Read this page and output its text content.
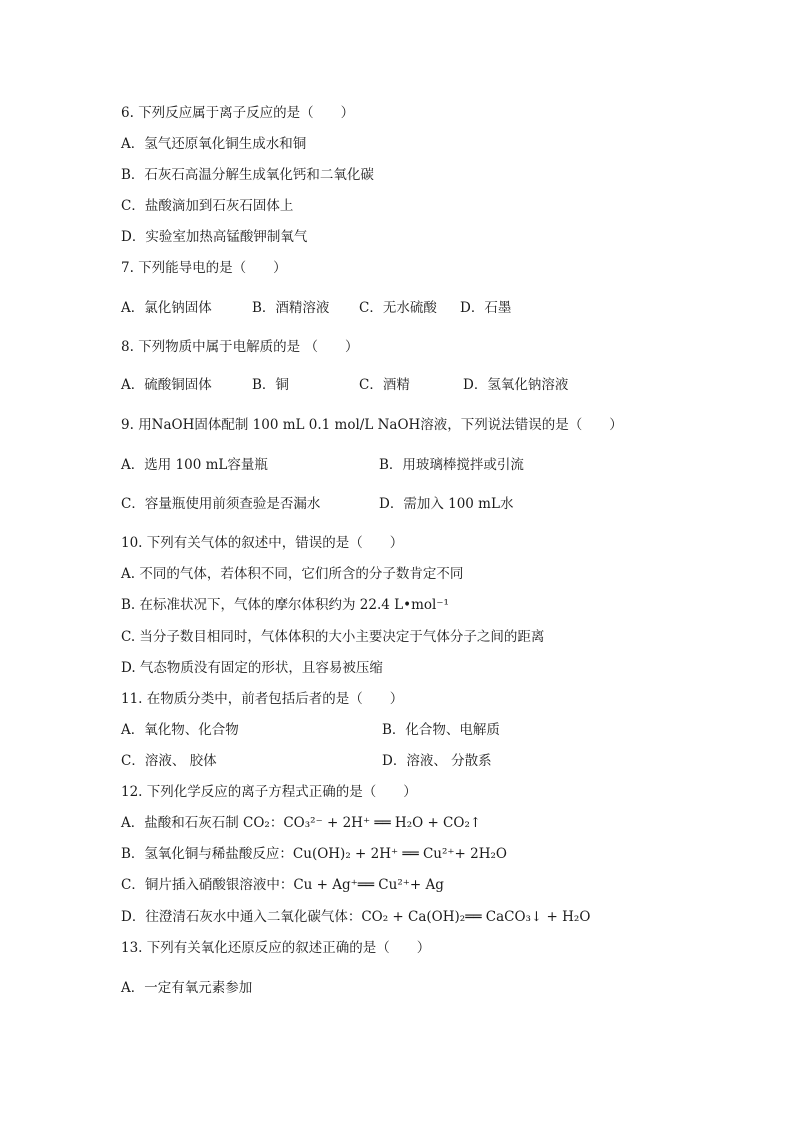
6. 下列反应属于离子反应的是（　　）
A．氢气还原氧化铜生成水和铜
B．石灰石高温分解生成氧化钙和二氧化碳
C．盐酸滴加到石灰石固体上
D．实验室加热高锰酸钾制氧气
7. 下列能导电的是（　　）
A．氯化钠固体	B．酒精溶液 C．无水硫酸 D．石墨
8. 下列物质中属于电解质的是 （　　）
A．硫酸铜固体	B．铜	C．酒精	D．氢氧化钠溶液
9. 用NaOH固体配制 100 mL 0.1 mol/L NaOH溶液，下列说法错误的是（　　）
A．选用 100 mL容量瓶	B．用玻璃棒搅拌或引流
C．容量瓶使用前须查验是否漏水	D．需加入 100 mL水
10. 下列有关气体的叙述中，错误的是（　　）
A. 不同的气体，若体积不同，它们所含的分子数肯定不同
B. 在标准状况下，气体的摩尔体积约为 22.4 L•mol⁻¹
C. 当分子数目相同时，气体体积的大小主要决定于气体分子之间的距离
D. 气态物质没有固定的形状，且容易被压缩
11. 在物质分类中，前者包括后者的是（　　）
A．氧化物、化合物	B．化合物、电解质
C．溶液、 胶体	D．溶液、 分散系
12. 下列化学反应的离子方程式正确的是（　　）
A．盐酸和石灰石制 CO₂：CO₃²⁻ + 2H⁺ ══ H₂O + CO₂↑
B．氢氧化铜与稀盐酸反应：Cu(OH)₂ + 2H⁺ ══ Cu²⁺+ 2H₂O
C．铜片插入硝酸银溶液中：Cu + Ag⁺══ Cu²⁺+ Ag
D．往澄清石灰水中通入二氧化碳气体：CO₂ + Ca(OH)₂══ CaCO₃↓ + H₂O
13. 下列有关氧化还原反应的叙述正确的是（　　）
A．一定有氧元素参加
